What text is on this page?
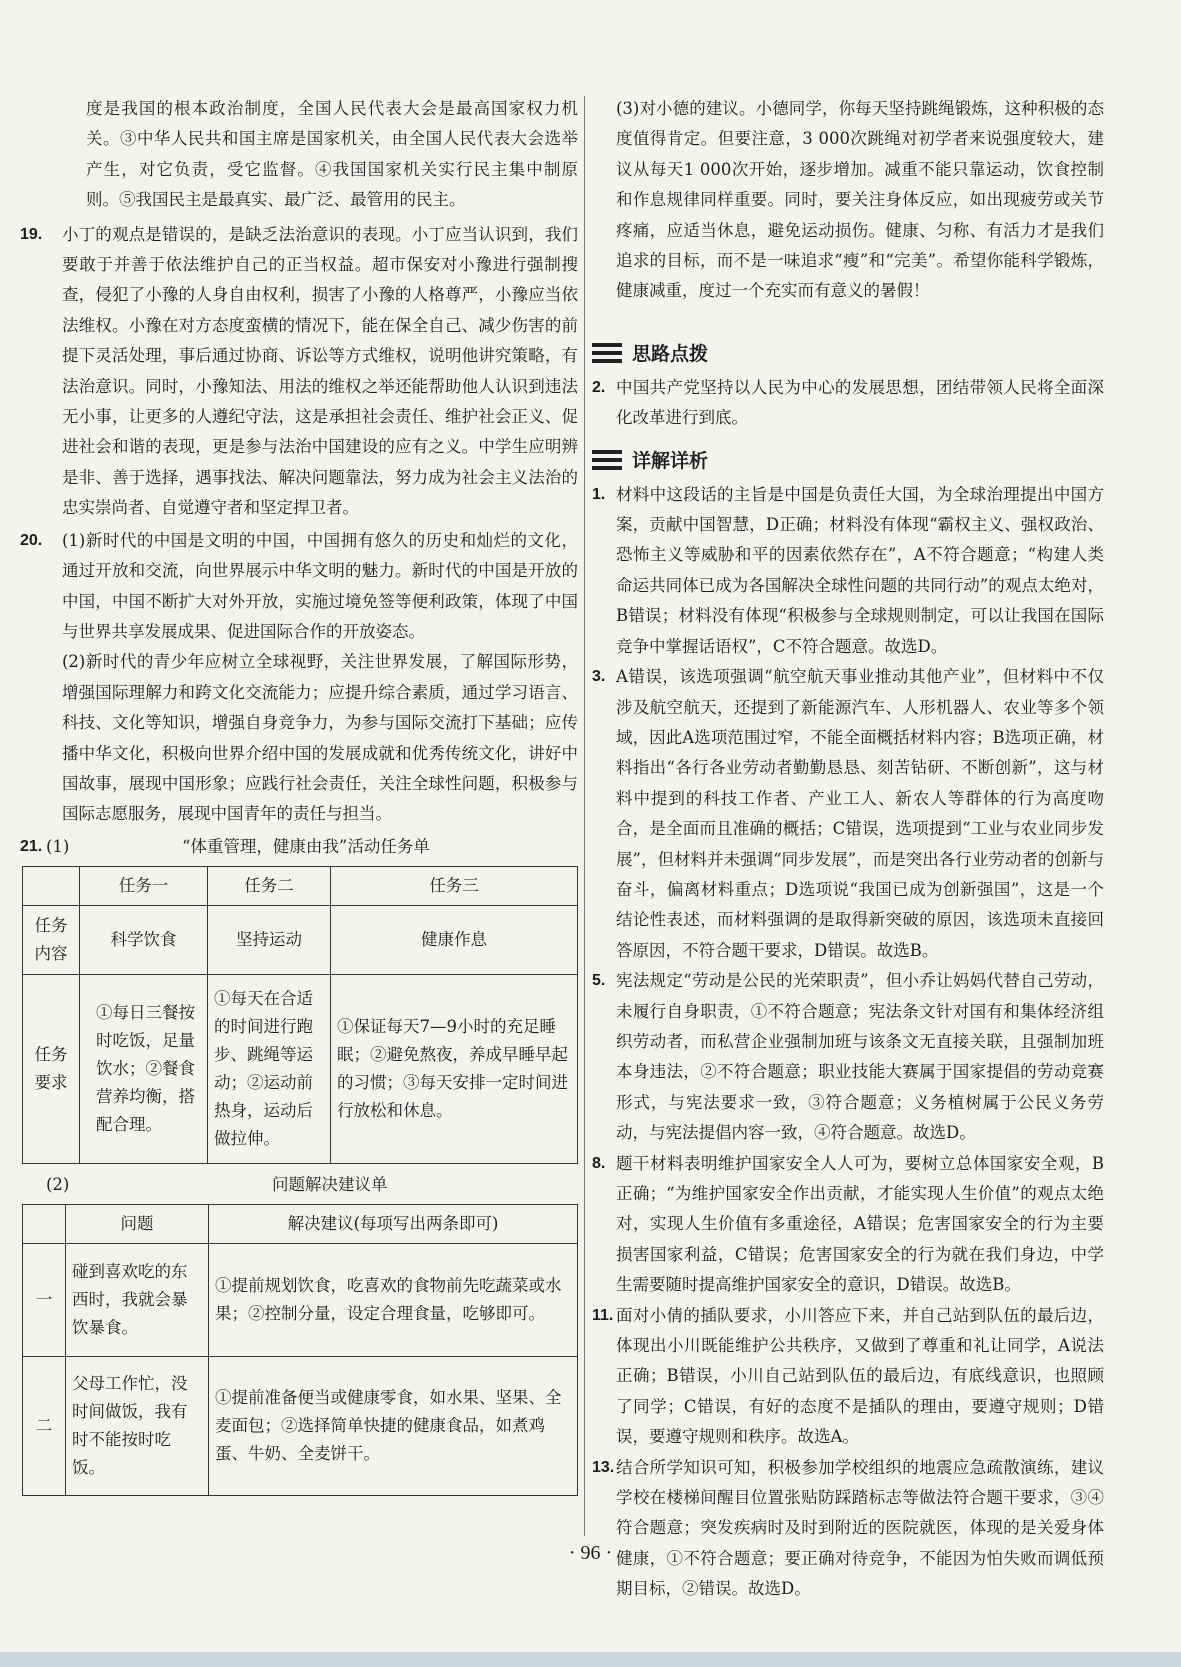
度是我国的根本政治制度，全国人民代表大会是最高国家权力机关。③中华人民共和国主席是国家机关，由全国人民代表大会选举产生，对它负责，受它监督。④我国国家机关实行民主集中制原则。⑤我国民主是最真实、最广泛、最管用的民主。

19. 小丁的观点是错误的，是缺乏法治意识的表现。小丁应当认识到，我们要敢于并善于依法维护自己的正当权益。超市保安对小豫进行强制搜查，侵犯了小豫的人身自由权利，损害了小豫的人格尊严，小豫应当依法维权。小豫在对方态度蛮横的情况下，能在保全自己、减少伤害的前提下灵活处理，事后通过协商、诉讼等方式维权，说明他讲究策略，有法治意识。同时，小豫知法、用法的维权之举还能帮助他人认识到违法无小事，让更多的人遵纪守法，这是承担社会责任、维护社会正义、促进社会和谐的表现，更是参与法治中国建设的应有之义。中学生应明辨是非、善于选择，遇事找法、解决问题靠法，努力成为社会主义法治的忠实崇尚者、自觉遵守者和坚定捍卫者。

20. (1)新时代的中国是文明的中国，中国拥有悠久的历史和灿烂的文化，通过开放和交流，向世界展示中华文明的魅力。新时代的中国是开放的中国，中国不断扩大对外开放，实施过境免签等便利政策，体现了中国与世界共享发展成果、促进国际合作的开放姿态。

(2)新时代的青少年应树立全球视野，关注世界发展，了解国际形势，增强国际理解力和跨文化交流能力；应提升综合素质，通过学习语言、科技、文化等知识，增强自身竞争力，为参与国际交流打下基础；应传播中华文化，积极向世界介绍中国的发展成就和优秀传统文化，讲好中国故事，展现中国形象；应践行社会责任，关注全球性问题，积极参与国际志愿服务，展现中国青年的责任与担当。

21. (1)	“体重管理，健康由我”活动任务单
	任务一	任务二	任务三
任务内容	科学饮食	坚持运动	健康作息
任务要求	①每日三餐按时吃饭，足量饮水；②餐食营养均衡，搭配合理。	①每天在合适的时间进行跑步、跳绳等运动；②运动前热身，运动后做拉伸。	①保证每天7—9小时的充足睡眠；②避免熬夜，养成早睡早起的习惯；③每天安排一定时间进行放松和休息。
(2)	问题解决建议单
	问题	解决建议(每项写出两条即可)
一	碰到喜欢吃的东西时，我就会暴饮暴食。	①提前规划饮食，吃喜欢的食物前先吃蔬菜或水果；②控制分量，设定合理食量，吃够即可。
二	父母工作忙，没时间做饭，我有时不能按时吃饭。	①提前准备便当或健康零食，如水果、坚果、全麦面包；②选择简单快捷的健康食品，如煮鸡蛋、牛奶、全麦饼干。

(3)对小德的建议。小德同学，你每天坚持跳绳锻炼，这种积极的态度值得肯定。但要注意，3 000次跳绳对初学者来说强度较大，建议从每天1 000次开始，逐步增加。减重不能只靠运动，饮食控制和作息规律同样重要。同时，要关注身体反应，如出现疲劳或关节疼痛，应适当休息，避免运动损伤。健康、匀称、有活力才是我们追求的目标，而不是一味追求“瘦”和“完美”。希望你能科学锻炼，健康减重，度过一个充实而有意义的暑假！

思路点拨
2. 中国共产党坚持以人民为中心的发展思想，团结带领人民将全面深化改革进行到底。

详解详析
1. 材料中这段话的主旨是中国是负责任大国，为全球治理提出中国方案，贡献中国智慧，D正确；材料没有体现“霸权主义、强权政治、恐怖主义等威胁和平的因素依然存在”，A不符合题意；“构建人类命运共同体已成为各国解决全球性问题的共同行动”的观点太绝对，B错误；材料没有体现“积极参与全球规则制定，可以让我国在国际竞争中掌握话语权”，C不符合题意。故选D。

3. A错误，该选项强调“航空航天事业推动其他产业”，但材料中不仅涉及航空航天，还提到了新能源汽车、人形机器人、农业等多个领域，因此A选项范围过窄，不能全面概括材料内容；B选项正确，材料指出“各行各业劳动者勤勤恳恳、刻苦钻研、不断创新”，这与材料中提到的科技工作者、产业工人、新农人等群体的行为高度吻合，是全面而且准确的概括；C错误，选项提到“工业与农业同步发展”，但材料并未强调“同步发展”，而是突出各行业劳动者的创新与奋斗，偏离材料重点；D选项说“我国已成为创新强国”，这是一个结论性表述，而材料强调的是取得新突破的原因，该选项未直接回答原因，不符合题干要求，D错误。故选B。

5. 宪法规定“劳动是公民的光荣职责”，但小乔让妈妈代替自己劳动，未履行自身职责，①不符合题意；宪法条文针对国有和集体经济组织劳动者，而私营企业强制加班与该条文无直接关联，且强制加班本身违法，②不符合题意；职业技能大赛属于国家提倡的劳动竞赛形式，与宪法要求一致，③符合题意；义务植树属于公民义务劳动，与宪法提倡内容一致，④符合题意。故选D。

8. 题干材料表明维护国家安全人人可为，要树立总体国家安全观，B正确；“为维护国家安全作出贡献，才能实现人生价值”的观点太绝对，实现人生价值有多重途径，A错误；危害国家安全的行为主要损害国家利益，C错误；危害国家安全的行为就在我们身边，中学生需要随时提高维护国家安全的意识，D错误。故选B。

11. 面对小倩的插队要求，小川答应下来，并自己站到队伍的最后边，体现出小川既能维护公共秩序，又做到了尊重和礼让同学，A说法正确；B错误，小川自己站到队伍的最后边，有底线意识，也照顾了同学；C错误，有好的态度不是插队的理由，要遵守规则；D错误，要遵守规则和秩序。故选A。

13. 结合所学知识可知，积极参加学校组织的地震应急疏散演练，建议学校在楼梯间醒目位置张贴防踩踏标志等做法符合题干要求，③④符合题意；突发疾病时及时到附近的医院就医，体现的是关爱身体健康，①不符合题意；要正确对待竞争，不能因为怕失败而调低预期目标，②错误。故选D。

· 96 ·
